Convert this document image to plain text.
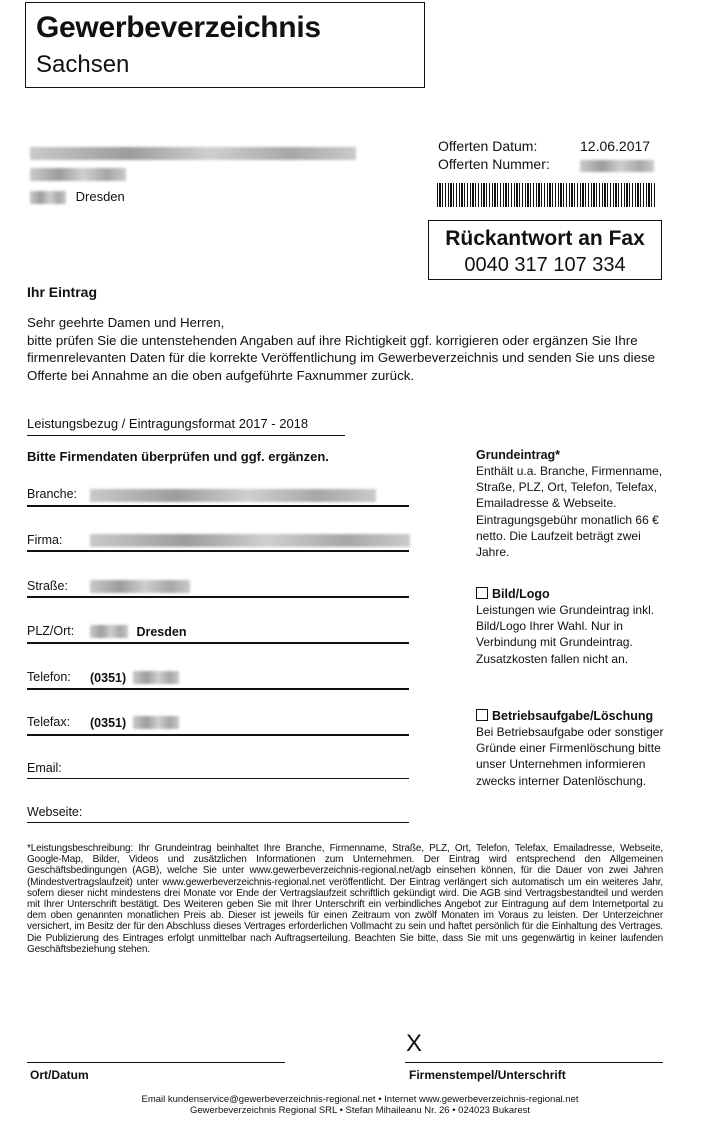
Gewerbeverzeichnis
Sachsen
Dresden
Offerten Datum:	12.06.2017
Offerten Nummer:
Rückantwort an Fax
0040 317 107 334
Ihr Eintrag
Sehr geehrte Damen und Herren,
bitte prüfen Sie die untenstehenden Angaben auf ihre Richtigkeit ggf. korrigieren oder ergänzen Sie Ihre firmenrelevanten Daten für die korrekte Veröffentlichung im Gewerbeverzeichnis und senden Sie uns diese Offerte bei Annahme an die oben aufgeführte Faxnummer zurück.
Leistungsbezug / Eintragungsformat 2017 - 2018
Bitte Firmendaten überprüfen und ggf. ergänzen.
Branche:
Firma:
Straße:
PLZ/Ort:	Dresden
Telefon: (0351)
Telefax: (0351)
Email:
Webseite:
Grundeintrag*
Enthält u.a. Branche, Firmenname, Straße, PLZ, Ort, Telefon, Telefax, Emailadresse & Webseite. Eintragungsgebühr monatlich 66 € netto. Die Laufzeit beträgt zwei Jahre.
Bild/Logo
Leistungen wie Grundeintrag inkl. Bild/Logo Ihrer Wahl. Nur in Verbindung mit Grundeintrag. Zusatzkosten fallen nicht an.
Betriebsaufgabe/Löschung
Bei Betriebsaufgabe oder sonstiger Gründe einer Firmenlöschung bitte unser Unternehmen informieren zwecks interner Datenlöschung.
*Leistungsbeschreibung: Ihr Grundeintrag beinhaltet Ihre Branche, Firmenname, Straße, PLZ, Ort, Telefon, Telefax, Emailadresse, Webseite, Google-Map, Bilder, Videos und zusätzlichen Informationen zum Unternehmen. Der Eintrag wird entsprechend den Allgemeinen Geschäftsbedingungen (AGB), welche Sie unter www.gewerbeverzeichnis-regional.net/agb einsehen können, für die Dauer von zwei Jahren (Mindestvertragslaufzeit) unter www.gewerbeverzeichnis-regional.net veröffentlicht. Der Eintrag verlängert sich automatisch um ein weiteres Jahr, sofern dieser nicht mindestens drei Monate vor Ende der Vertragslaufzeit schriftlich gekündigt wird. Die AGB sind Vertragsbestandteil und werden mit Ihrer Unterschrift bestätigt. Des Weiteren geben Sie mit Ihrer Unterschrift ein verbindliches Angebot zur Eintragung auf dem Internetportal zu dem oben genannten monatlichen Preis ab. Dieser ist jeweils für einen Zeitraum von zwölf Monaten im Voraus zu leisten. Der Unterzeichner versichert, im Besitz der für den Abschluss dieses Vertrages erforderlichen Vollmacht zu sein und haftet persönlich für die Einhaltung des Vertrages. Die Publizierung des Eintrages erfolgt unmittelbar nach Auftragserteilung. Beachten Sie bitte, dass Sie mit uns gegenwärtig in keiner laufenden Geschäftsbeziehung stehen.
X
Ort/Datum	Firmenstempel/Unterschrift
Email kundenservice@gewerbeverzeichnis-regional.net • Internet www.gewerbeverzeichnis-regional.net
Gewerbeverzeichnis Regional SRL • Stefan Mihaileanu Nr. 26 • 024023 Bukarest
